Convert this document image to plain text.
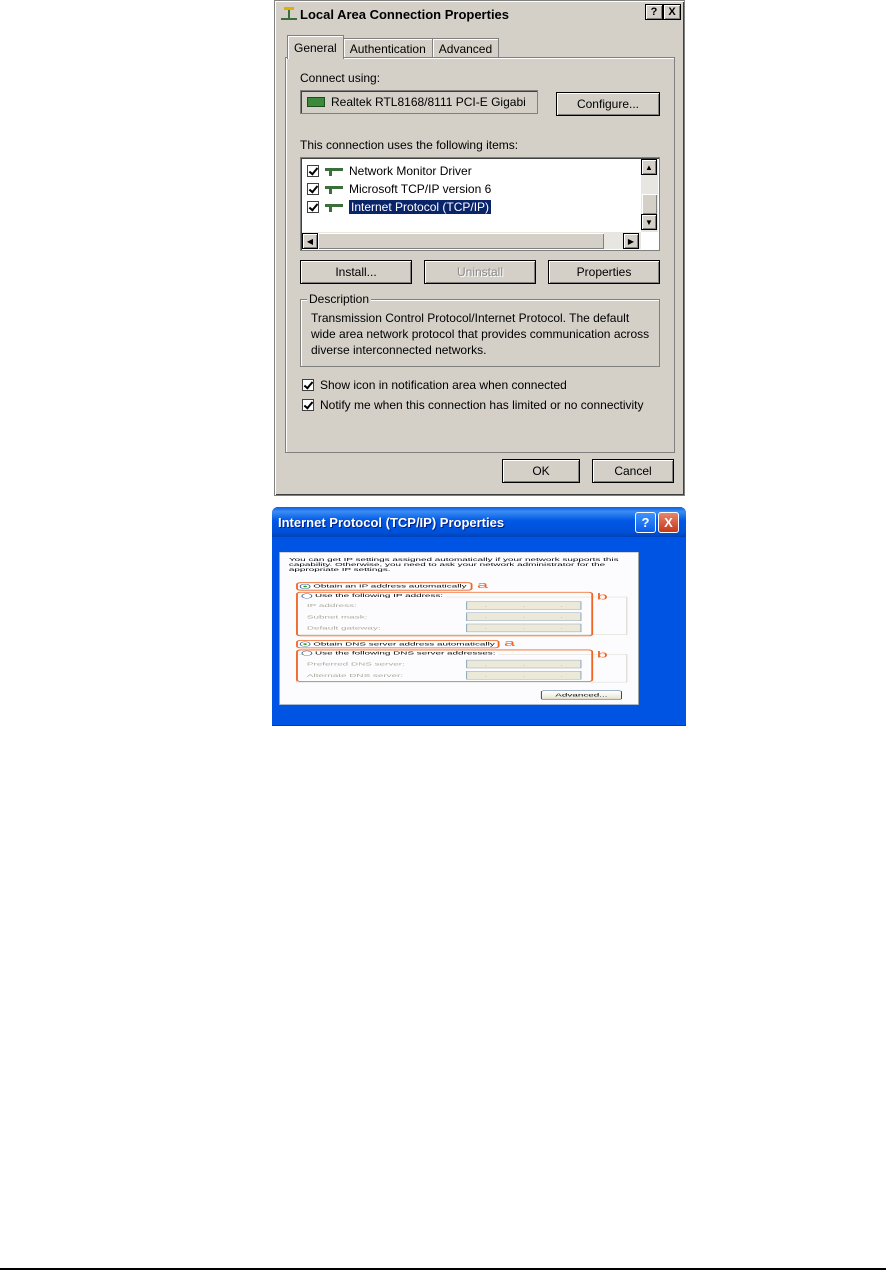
Local Area Connection Properties	? X
General	Authentication	Advanced
Connect using:
Realtek RTL8168/8111 PCI-E Gigabi	Configure...
This connection uses the following items:
Network Monitor Driver
Microsoft TCP/IP version 6
Internet Protocol (TCP/IP)
▲
▼
◀	▶
Install...	Uninstall	Properties
Description
Transmission Control Protocol/Internet Protocol. The default wide area network protocol that provides communication across diverse interconnected networks.
Show icon in notification area when connected
Notify me when this connection has limited or no connectivity
OK	Cancel
Internet Protocol (TCP/IP) Properties	?	X
You can get IP settings assigned automatically if your network supports this capability. Otherwise, you need to ask your network administrator for the appropriate IP settings.
Obtain an IP address automatically
Use the following IP address:
IP address:	.	.	.
Subnet mask:	.	.	.
Default gateway:	.	.	.
Obtain DNS server address automatically
Use the following DNS server addresses:
Preferred DNS server:	.	.	.
Alternate DNS server:	.	.	.
Advanced...
a
b
a
b
